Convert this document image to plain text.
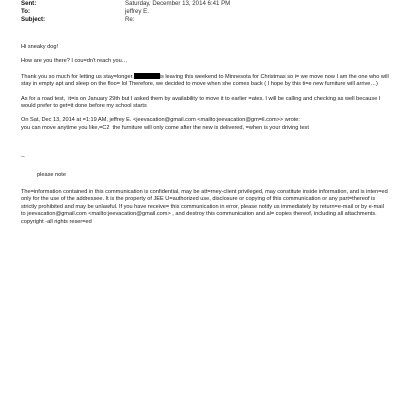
Sent:	Saturday, December 13, 2014 6:41 PM
To:	jeffrey E.
Subject:	Re:

Hi sneaky dog!

How are you there? I cou=dn't reach you…

Thank you so much for letting us stay=longer.	is leaving this weekend to Minnesota for Christmas so i= we move now I am the one who will stay in empty apt and sleep on the floo= lol Therefore, we decided to move when she comes back ( I hope by this ti=e new furniture will arrive…)

As for a road test,  it=is on January 29th but I asked them by availability to move it to earlier =ates. I will be calling and checking as well because I would prefer to get=it done before my school starts

On Sat, Dec 13, 2014 at =1:19 AM, jeffrey E. <jeevacation@gmail.com <mailto:jeevacation@gm=il.com>> wrote:

you can move anytime you like,=C2  the furniture will only come after the new is delivered, =when is your driving test

--

please note

The=information contained in this communication is confidential, may be att=rney-client privileged, may constitute inside information, and is inten=ed only for the use of the addressee. It is the property of JEE U=authorized use, disclosure or copying of this communication or any part=thereof is strictly prohibited and may be unlawful. If you have receive= this communication in error, please notify us immediately by return=e-mail or by e-mail to jeevacation@gmail.com <mailto:jeevacation@gmail.com> , and destroy this communication and al= copies thereof, including all attachments. copyright -all rights reser=ed
